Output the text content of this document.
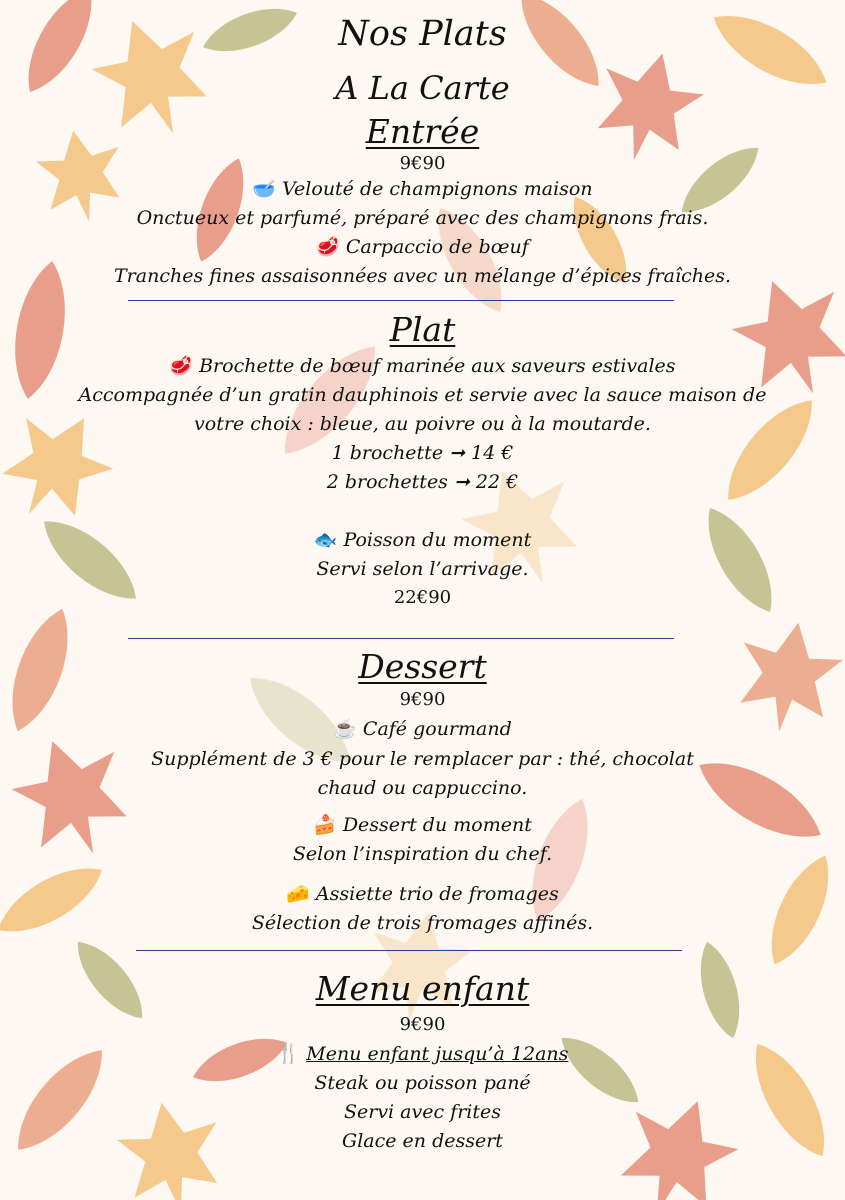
Nos Plats
A La Carte
Entrée
9€90
🥣 Velouté de champignons maison
Onctueux et parfumé, préparé avec des champignons frais.
🥩 Carpaccio de bœuf
Tranches fines assaisonnées avec un mélange d’épices fraîches.
Plat
🥩 Brochette de bœuf marinée aux saveurs estivales
Accompagnée d’un gratin dauphinois et servie avec la sauce maison de
votre choix : bleue, au poivre ou à la moutarde.
1 brochette ➞ 14 €
2 brochettes ➞ 22 €
🐟 Poisson du moment
Servi selon l’arrivage.
22€90
Dessert
9€90
☕ Café gourmand
Supplément de 3 € pour le remplacer par : thé, chocolat
chaud ou cappuccino.
🍰 Dessert du moment
Selon l’inspiration du chef.
🧀 Assiette trio de fromages
Sélection de trois fromages affinés.
Menu enfant
9€90
🍴 Menu enfant jusqu’à 12ans
Steak ou poisson pané
Servi avec frites
Glace en dessert
